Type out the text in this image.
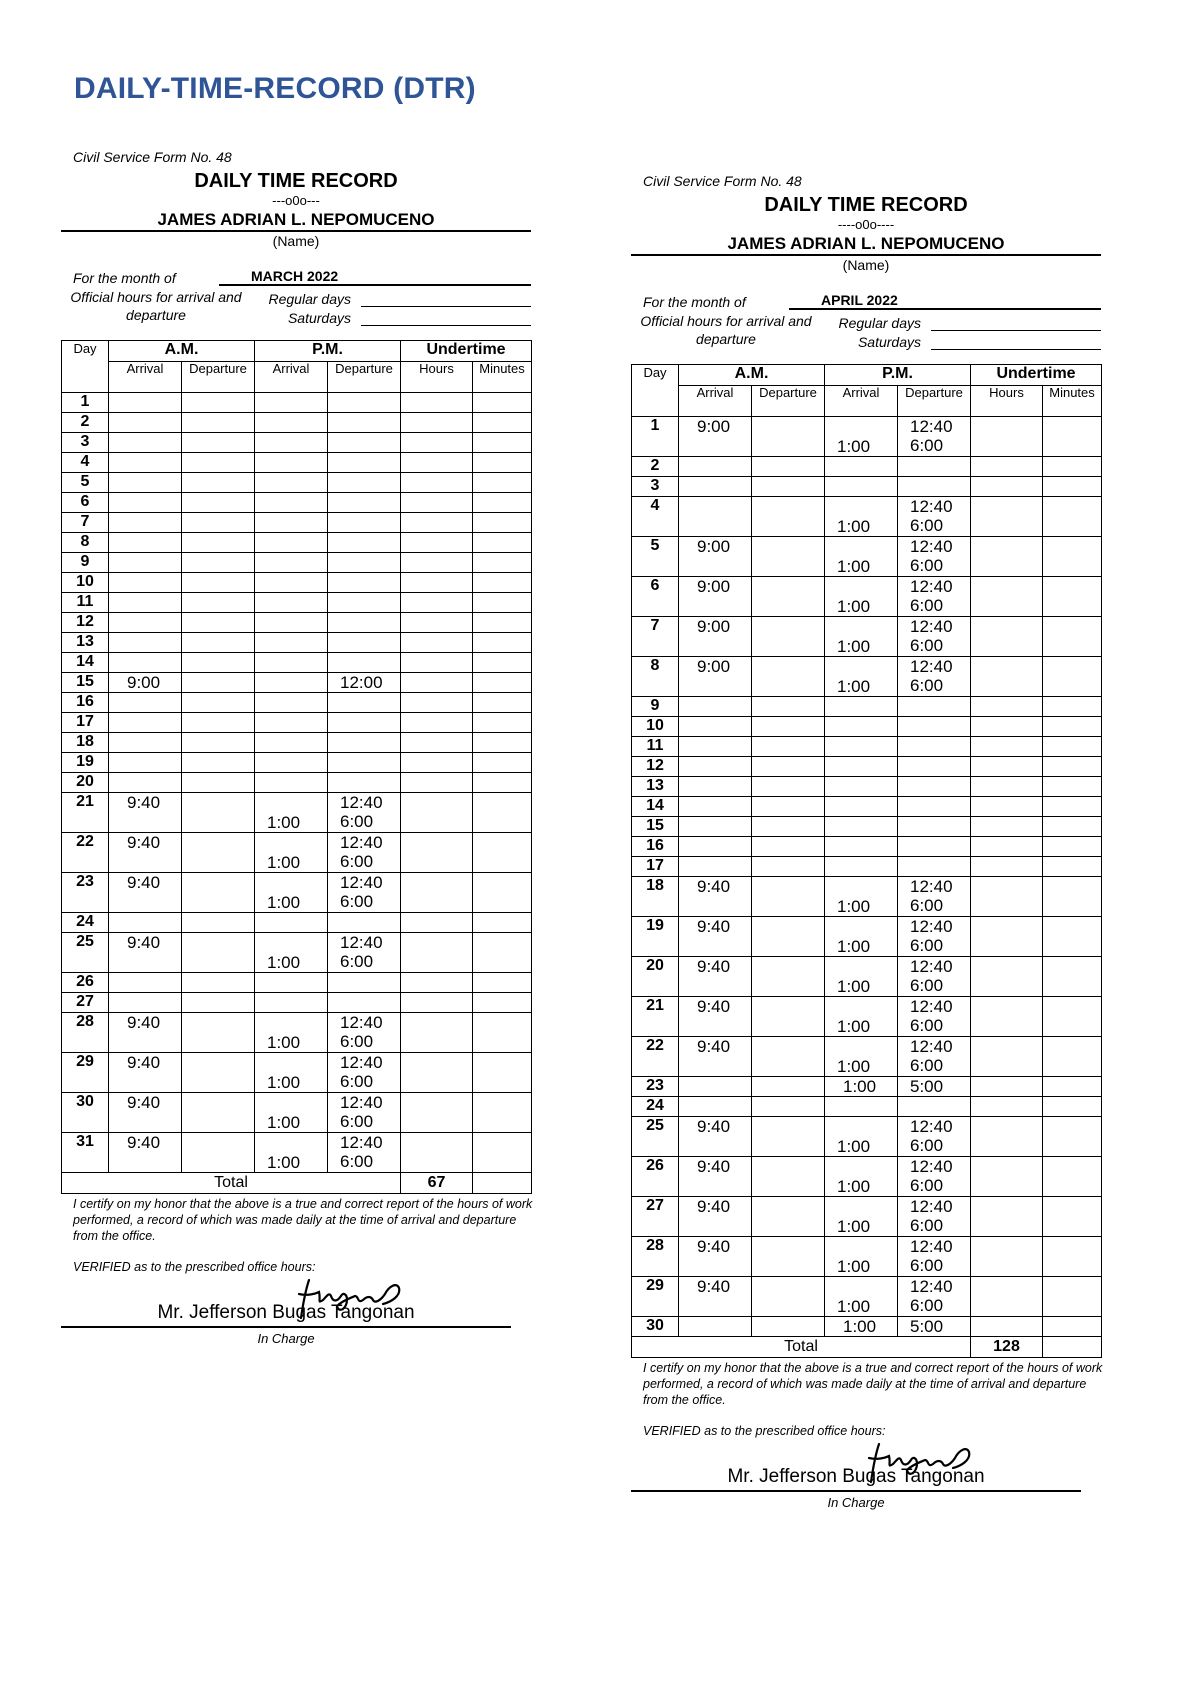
DAILY-TIME-RECORD (DTR)
Civil Service Form No. 48
DAILY TIME RECORD
---o0o---
JAMES ADRIAN L. NEPOMUCENO
(Name)
For the month of	MARCH 2022
Official hours for arrival and departure
Regular days
Saturdays
Day	A.M.		P.M.		Undertime	
	Arrival	Departure	Arrival	Departure	Hours	Minutes
1						
2						
3						
4						
5						
6						
7						
8						
9						
10						
11						
12						
13						
14						
15	9:00			12:00		

16						
17						
18						
19						
20						
21	9:40		1:00	12:40
6:00		

22	9:40		1:00	12:40
6:00		

23	9:40		1:00	12:40
6:00		

24						
25	9:40		1:00	12:40
6:00		

26						
27						
28	9:40		1:00	12:40
6:00		

29	9:40		1:00	12:40
6:00		

30	9:40		1:00	12:40
6:00		

31	9:40		1:00	12:40
6:00		

Total					67	
I certify on my honor that the above is a true and correct report of the hours of work performed, a record of which was made daily at the time of arrival and departure from the office.
VERIFIED as to the prescribed office hours:
Mr. Jefferson Bugas Tangonan
In Charge
Civil Service Form No. 48
DAILY TIME RECORD
----o0o----
JAMES ADRIAN L. NEPOMUCENO
(Name)
For the month of	APRIL 2022
Official hours for arrival and departure
Regular days
Saturdays
Day	A.M.		P.M.		Undertime	
	Arrival	Departure	Arrival	Departure	Hours	Minutes
1	9:00		1:00	12:40
6:00		

2						
3						
4			1:00	12:40
6:00		

5	9:00		1:00	12:40
6:00		

6	9:00		1:00	12:40
6:00		

7	9:00		1:00	12:40
6:00		

8	9:00		1:00	12:40
6:00		

9						
10						
11						
12						
13						
14						
15						
16						
17						
18	9:40		1:00	12:40
6:00		

19	9:40		1:00	12:40
6:00		

20	9:40		1:00	12:40
6:00		

21	9:40		1:00	12:40
6:00		

22	9:40		1:00	12:40
6:00		

23			1:00	5:00		

24						
25	9:40		1:00	12:40
6:00		

26	9:40		1:00	12:40
6:00		

27	9:40		1:00	12:40
6:00		

28	9:40		1:00	12:40
6:00		

29	9:40		1:00	12:40
6:00		

30			1:00	5:00		

Total					128	
I certify on my honor that the above is a true and correct report of the hours of work performed, a record of which was made daily at the time of arrival and departure from the office.
VERIFIED as to the prescribed office hours:
Mr. Jefferson Bugas Tangonan
In Charge
